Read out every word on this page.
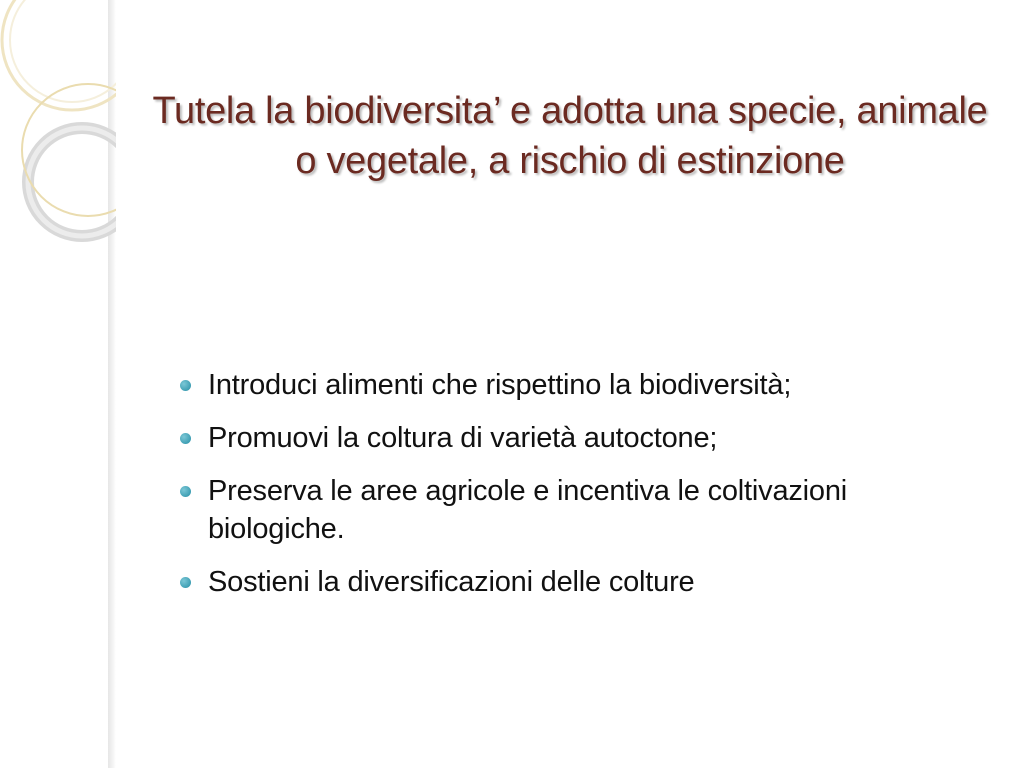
Tutela la biodiversita’ e adotta una specie, animale o vegetale, a rischio di estinzione
Introduci alimenti che rispettino la biodiversità;
Promuovi la coltura di varietà autoctone;
Preserva le aree agricole e incentiva le coltivazioni biologiche.
Sostieni la diversificazioni delle colture
